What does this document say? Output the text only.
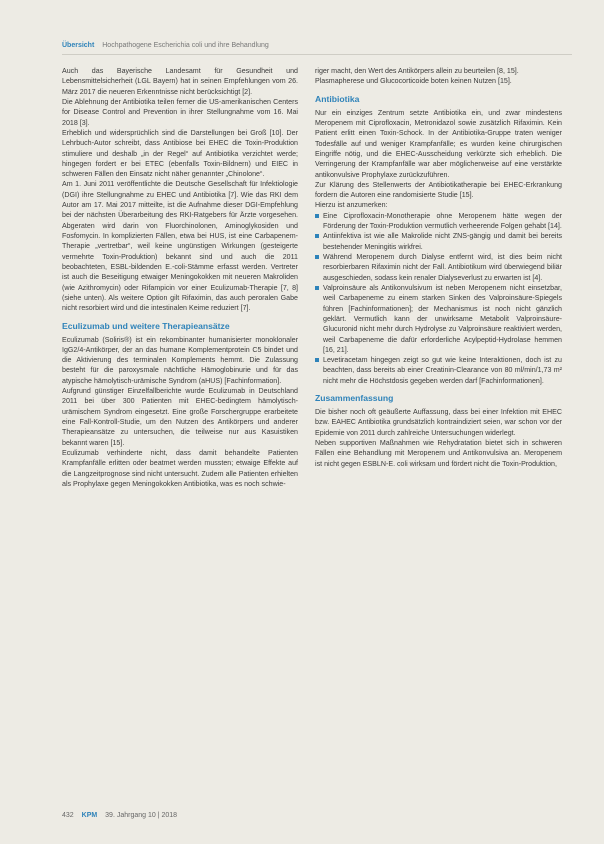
Übersicht Hochpathogene Escherichia coli und ihre Behandlung

Auch das Bayerische Landesamt für Gesundheit und Lebensmittelsicherheit (LGL Bayern) hat in seinen Empfehlungen vom 26. März 2017 die neueren Erkenntnisse nicht berücksichtigt [2].

Die Ablehnung der Antibiotika teilen ferner die US-amerikanischen Centers for Disease Control and Prevention in ihrer Stellungnahme vom 16. Mai 2018 [3].

Erheblich und widersprüchlich sind die Darstellungen bei Groß [10]. Der Lehrbuch-Autor schreibt, dass Antibiose bei EHEC die Toxin-Produktion stimuliere und deshalb „in der Regel“ auf Antibiotika verzichtet werde; hingegen fordert er bei ETEC (ebenfalls Toxin-Bildnern) und EIEC in schweren Fällen den Einsatz nicht näher genannter „Chinolone“.

Am 1. Juni 2011 veröffentlichte die Deutsche Gesellschaft für Infektiologie (DGI) ihre Stellungnahme zu EHEC und Antibiotika [7]. Wie das RKI dem Autor am 17. Mai 2017 mitteilte, ist die Aufnahme dieser DGI-Empfehlung bei der nächsten Überarbeitung des RKI-Ratgebers für Ärzte vorgesehen. Abgeraten wird darin von Fluorchinolonen, Aminoglykosiden und Fosfomycin. In komplizierten Fällen, etwa bei HUS, ist eine Carbapenem-Therapie „vertretbar“, weil keine ungünstigen Wirkungen (gesteigerte vermehrte Toxin-Produktion) bekannt sind und auch die 2011 beobachteten, ESBL-bildenden E.-coli-Stämme erfasst werden. Vertreter ist auch die Beseitigung etwaiger Meningokokken mit neueren Makroliden (wie Azithromycin) oder Rifampicin vor einer Eculizumab-Therapie [7, 8] (siehe unten). Als weitere Option gilt Rifaximin, das auch peroralen Gabe nicht resorbiert wird und die intestinalen Keime reduziert [7].

Eculizumab und weitere Therapieansätze

Eculizumab (Soliris®) ist ein rekombinanter humanisierter monoklonaler IgG2/4-Antikörper, der an das humane Komplementprotein C5 bindet und die Aktivierung des terminalen Komplements hemmt. Die Zulassung besteht für die paroxysmale nächtliche Hämoglobinurie und für das atypische hämolytisch-urämische Syndrom (aHUS) [Fachinformation].

Aufgrund günstiger Einzelfallberichte wurde Eculizumab in Deutschland 2011 bei über 300 Patienten mit EHEC-bedingtem hämolytisch-urämischem Syndrom eingesetzt. Eine große Forschergruppe erarbeitete eine Fall-Kontroll-Studie, um den Nutzen des Antikörpers und anderer Therapieansätze zu untersuchen, die teilweise nur aus Kasuistiken bekannt waren [15].

Eculizumab verhinderte nicht, dass damit behandelte Patienten Krampfanfälle erlitten oder beatmet werden mussten; etwaige Effekte auf die Langzeitprognose sind nicht untersucht. Zudem alle Patienten erhielten als Prophylaxe gegen Meningokokken Antibiotika, was es noch schwie-

riger macht, den Wert des Antikörpers allein zu beurteilen [8, 15].

Plasmapherese und Glucocorticoide boten keinen Nutzen [15].

Antibiotika

Nur ein einziges Zentrum setzte Antibiotika ein, und zwar mindestens Meropenem mit Ciprofloxacin, Metronidazol sowie zusätzlich Rifaximin. Kein Patient erlitt einen Toxin-Schock. In der Antibiotika-Gruppe traten weniger Todesfälle auf und weniger Krampfanfälle; es wurden keine chirurgischen Eingriffe nötig, und die EHEC-Ausscheidung verkürzte sich erheblich. Die Verringerung der Krampfanfälle war aber möglicherweise auf eine verstärkte antikonvulsive Prophylaxe zurückzuführen.

Zur Klärung des Stellenwerts der Antibiotikatherapie bei EHEC-Erkrankung fordern die Autoren eine randomisierte Studie [15].

Hierzu ist anzumerken:

Eine Ciprofloxacin-Monotherapie ohne Meropenem hätte wegen der Förderung der Toxin-Produktion vermutlich verheerende Folgen gehabt [14].
Antiinfektiva ist wie alle Makrolide nicht ZNS-gängig und damit bei bereits bestehender Meningitis wirkfrei.
Während Meropenem durch Dialyse entfernt wird, ist dies beim nicht resorbierbaren Rifaximin nicht der Fall. Antibiotikum wird überwiegend biliär ausgeschieden, sodass kein renaler Dialyseverlust zu erwarten ist [4].
Valproinsäure als Antikonvulsivum ist neben Meropenem nicht einsetzbar, weil Carbapeneme zu einem starken Sinken des Valproinsäure-Spiegels führen [Fachinformationen]; der Mechanismus ist noch nicht gänzlich geklärt. Vermutlich kann der unwirksame Metabolit Valproinsäure-Glucuronid nicht mehr durch Hydrolyse zu Valproinsäure reaktiviert werden, weil Carbapeneme die dafür erforderliche Acylpeptid-Hydrolase hemmen [16, 21].
Levetiracetam hingegen zeigt so gut wie keine Interaktionen, doch ist zu beachten, dass bereits ab einer Creatinin-Clearance von 80 ml/min/1,73 m² nicht mehr die Höchstdosis gegeben werden darf [Fachinformationen].
Zusammenfassung

Die bisher noch oft geäußerte Auffassung, dass bei einer Infektion mit EHEC bzw. EAHEC Antibiotika grundsätzlich kontraindiziert seien, war schon vor der Epidemie von 2011 durch zahlreiche Untersuchungen widerlegt.

Neben supportiven Maßnahmen wie Rehydratation bietet sich in schweren Fällen eine Behandlung mit Meropenem und Antikonvulsiva an. Meropenem ist nicht gegen ESBLN-E. coli wirksam und fördert nicht die Toxin-Produktion,

432 KPM 39. Jahrgang 10 | 2018
